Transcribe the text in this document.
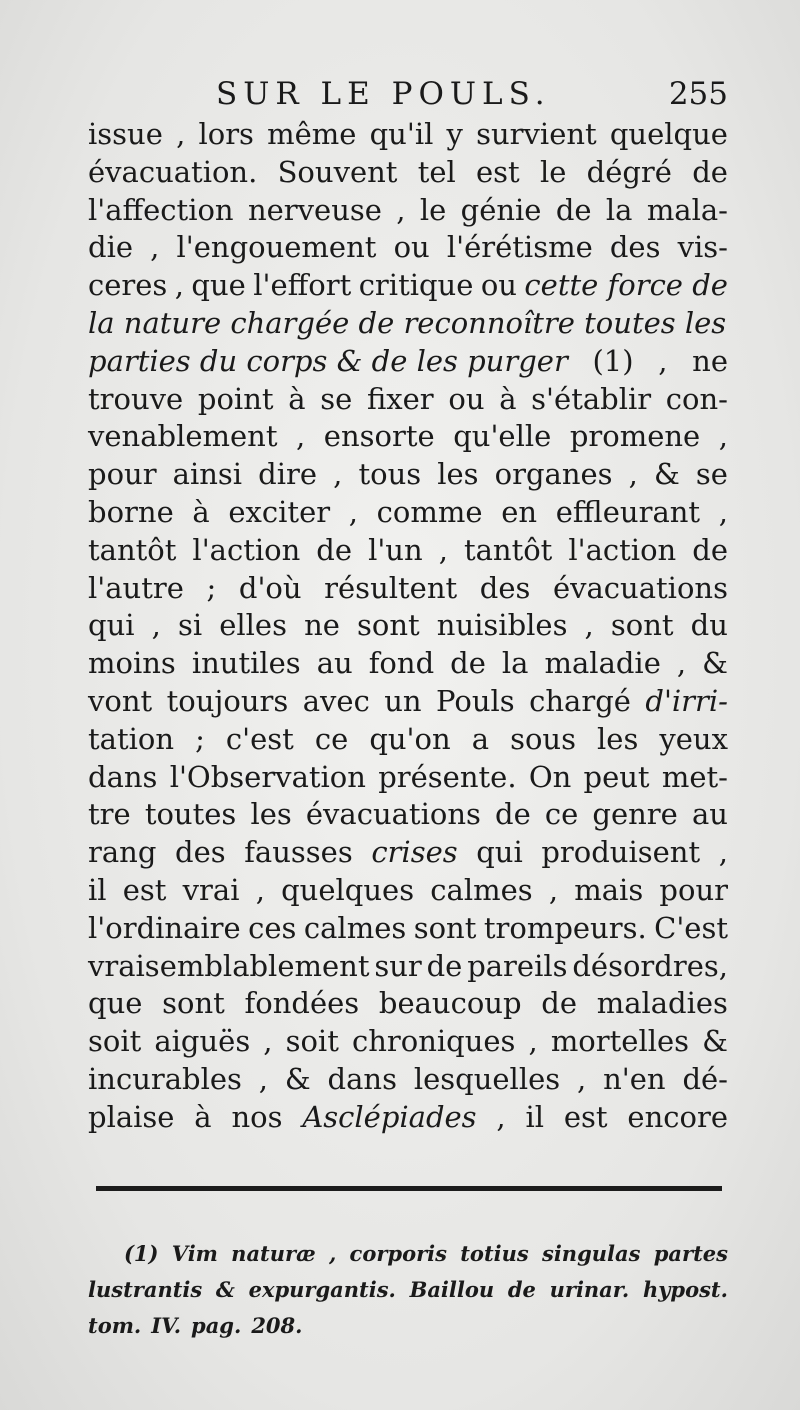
SUR LE POULS.	255
issue , lors même qu'il y survient quelque
évacuation. Souvent tel est le dégré de
l'affection nerveuse , le génie de la mala-
die , l'engouement ou l'érétisme des vis-
ceres , que l'effort critique ou cette force de
la nature chargée de reconnoître toutes les
parties du corps & de les purger (1) , ne
trouve point à se fixer ou à s'établir con-
venablement , ensorte qu'elle promene ,
pour ainsi dire , tous les organes , & se
borne à exciter , comme en effleurant ,
tantôt l'action de l'un , tantôt l'action de
l'autre ; d'où résultent des évacuations
qui , si elles ne sont nuisibles , sont du
moins inutiles au fond de la maladie , &
vont toujours avec un Pouls chargé d'irri-
tation ; c'est ce qu'on a sous les yeux
dans l'Observation présente. On peut met-
tre toutes les évacuations de ce genre au
rang des fausses crises qui produisent ,
il est vrai , quelques calmes , mais pour
l'ordinaire ces calmes sont trompeurs. C'est
vraisemblablement sur de pareils désordres,
que sont fondées beaucoup de maladies
soit aiguës , soit chroniques , mortelles &
incurables , & dans lesquelles , n'en dé-
plaise à nos Asclépiades , il est encore
(1) Vim naturæ , corporis totius singulas partes
lustrantis & expurgantis. Baillou de urinar. hypost.
tom. IV. pag. 208.
